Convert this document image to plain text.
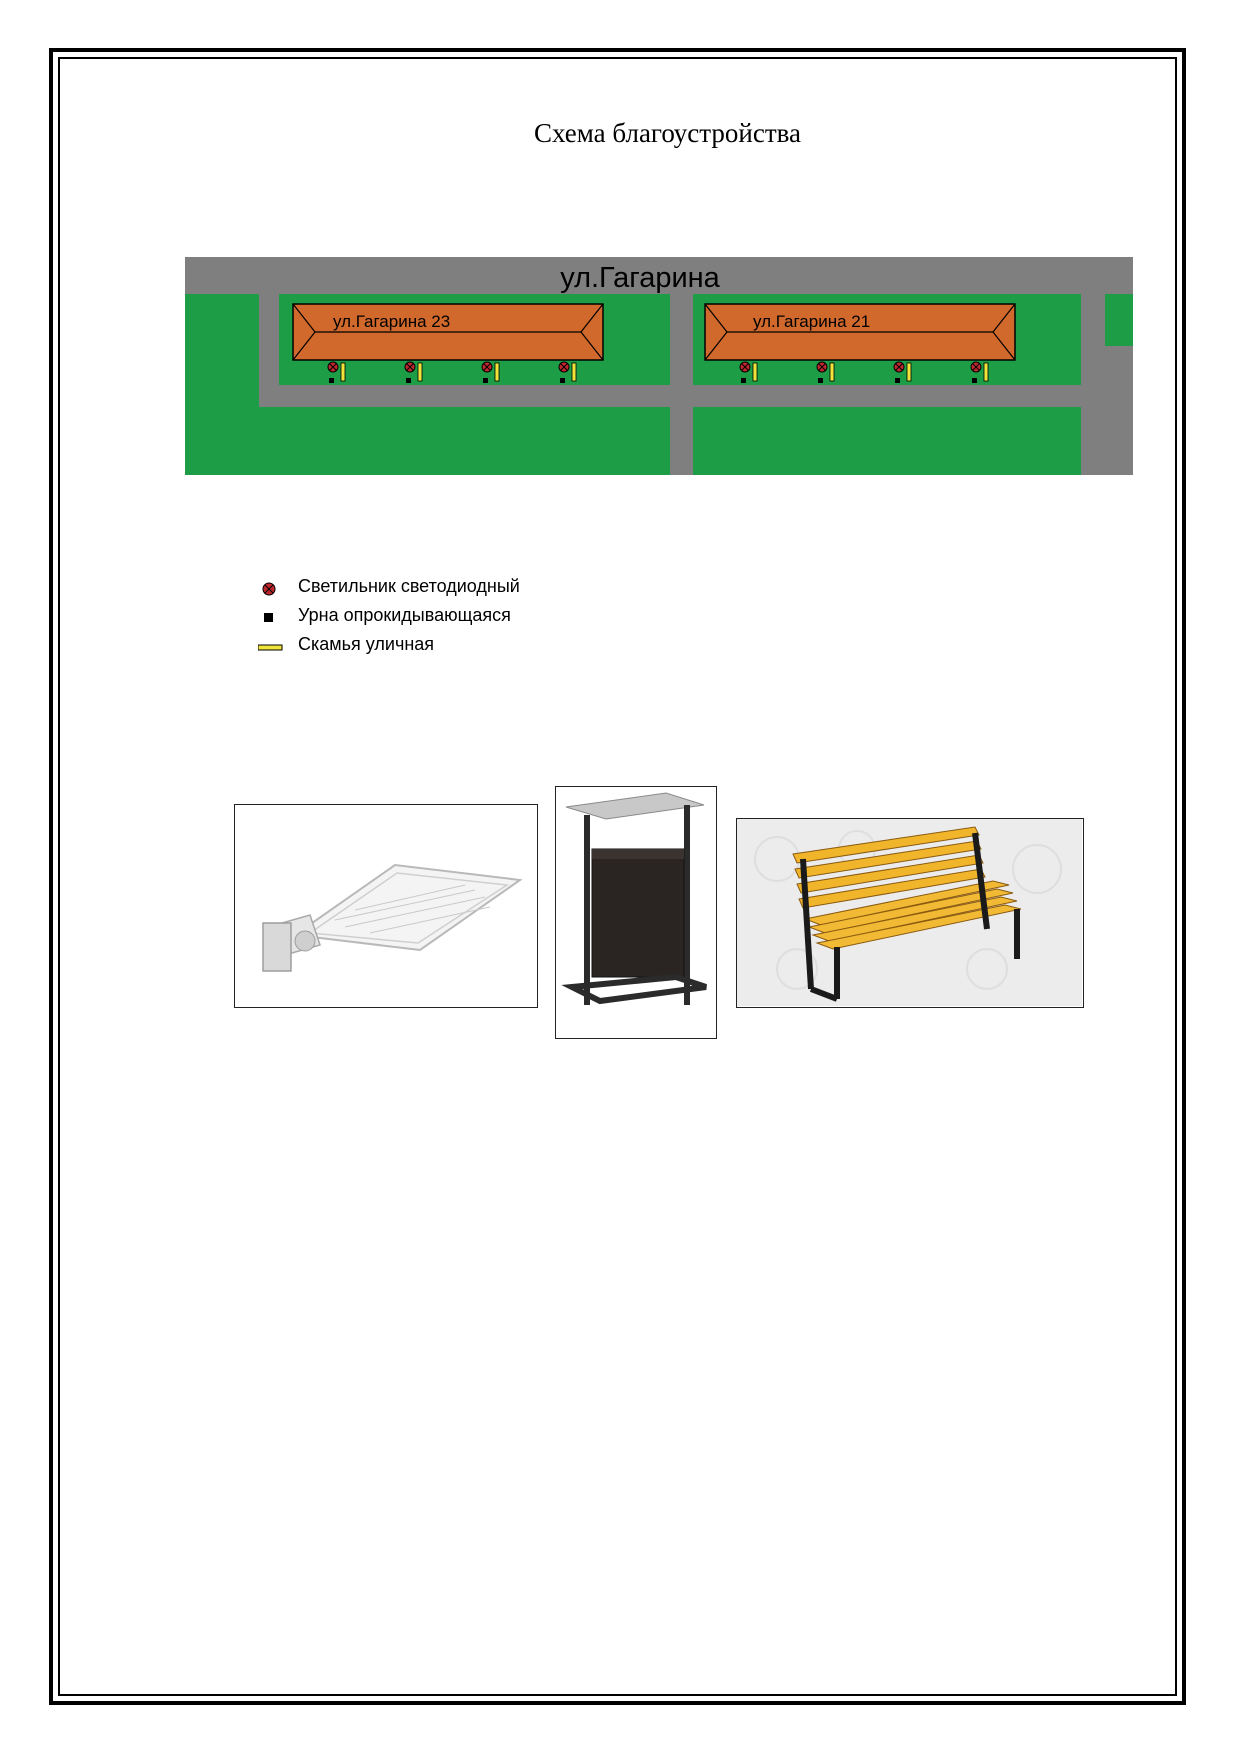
Схема благоустройства
ул.Гагарина
ул.Гагарина 23	ул.Гагарина 21
Светильник светодиодный
Урна опрокидывающаяся
Скамья уличная
